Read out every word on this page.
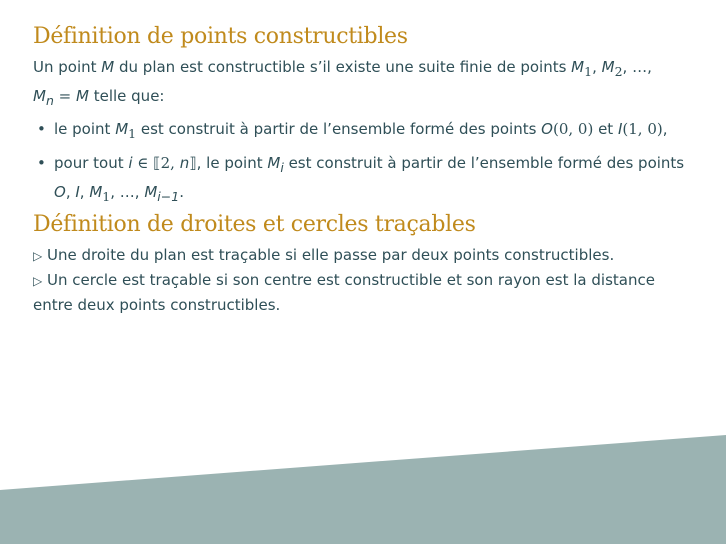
Définition de points constructibles

Un point M du plan est constructible s’il existe une suite finie de points $M_1$, $M_2$, …,
$M_n = M$ telle que:

• le point $M_1$ est construit à partir de l’ensemble formé des points O(0, 0) et I(1, 0),
• pour tout i ∈ ⟦2, n⟧, le point $M_i$ est construit à partir de l’ensemble formé des points O, I, $M_1$, …, $M_{i-1}$.
Définition de droites et cercles traçables

▷ Une droite du plan est traçable si elle passe par deux points constructibles.

▷ Un cercle est traçable si son centre est constructible et son rayon est la distance entre deux points constructibles.
